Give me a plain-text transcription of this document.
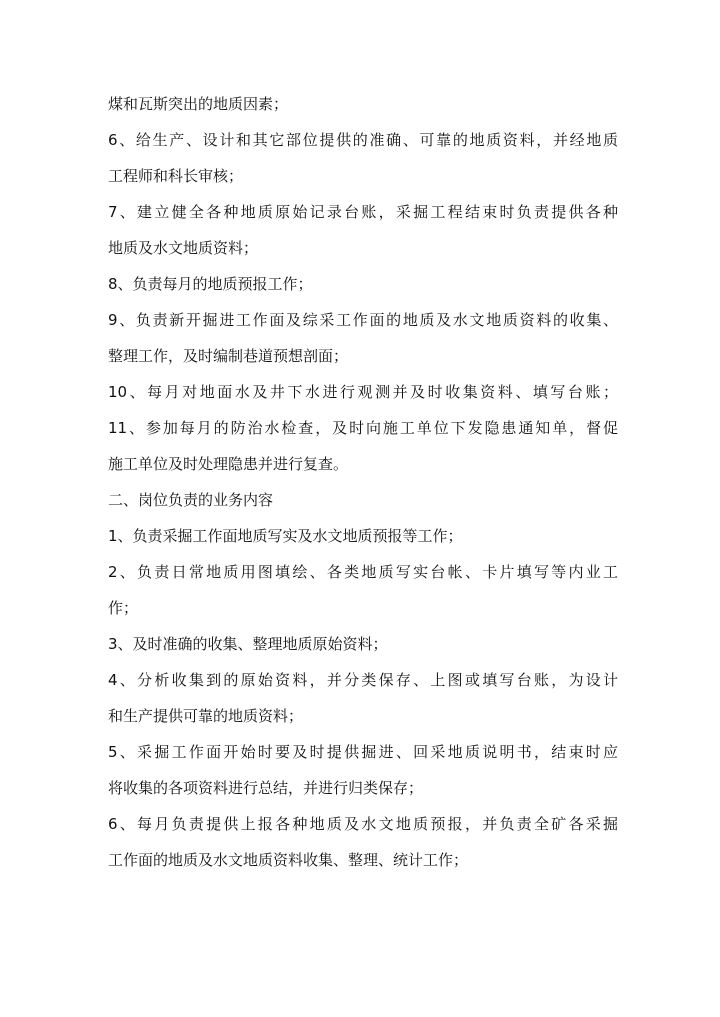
煤和瓦斯突出的地质因素；
6、给生产、设计和其它部位提供的准确、可靠的地质资料，并经地质
工程师和科长审核；
7、建立健全各种地质原始记录台账，采掘工程结束时负责提供各种
地质及水文地质资料；
8、负责每月的地质预报工作；
9、负责新开掘进工作面及综采工作面的地质及水文地质资料的收集、
整理工作，及时编制巷道预想剖面；
10、每月对地面水及井下水进行观测并及时收集资料、填写台账；
11、参加每月的防治水检查，及时向施工单位下发隐患通知单，督促
施工单位及时处理隐患并进行复查。
二、岗位负责的业务内容
1、负责采掘工作面地质写实及水文地质预报等工作；
2、负责日常地质用图填绘、各类地质写实台帐、卡片填写等内业工
作；
3、及时准确的收集、整理地质原始资料；
4、分析收集到的原始资料，并分类保存、上图或填写台账，为设计
和生产提供可靠的地质资料；
5、采掘工作面开始时要及时提供掘进、回采地质说明书，结束时应
将收集的各项资料进行总结，并进行归类保存；
6、每月负责提供上报各种地质及水文地质预报，并负责全矿各采掘
工作面的地质及水文地质资料收集、整理、统计工作；
